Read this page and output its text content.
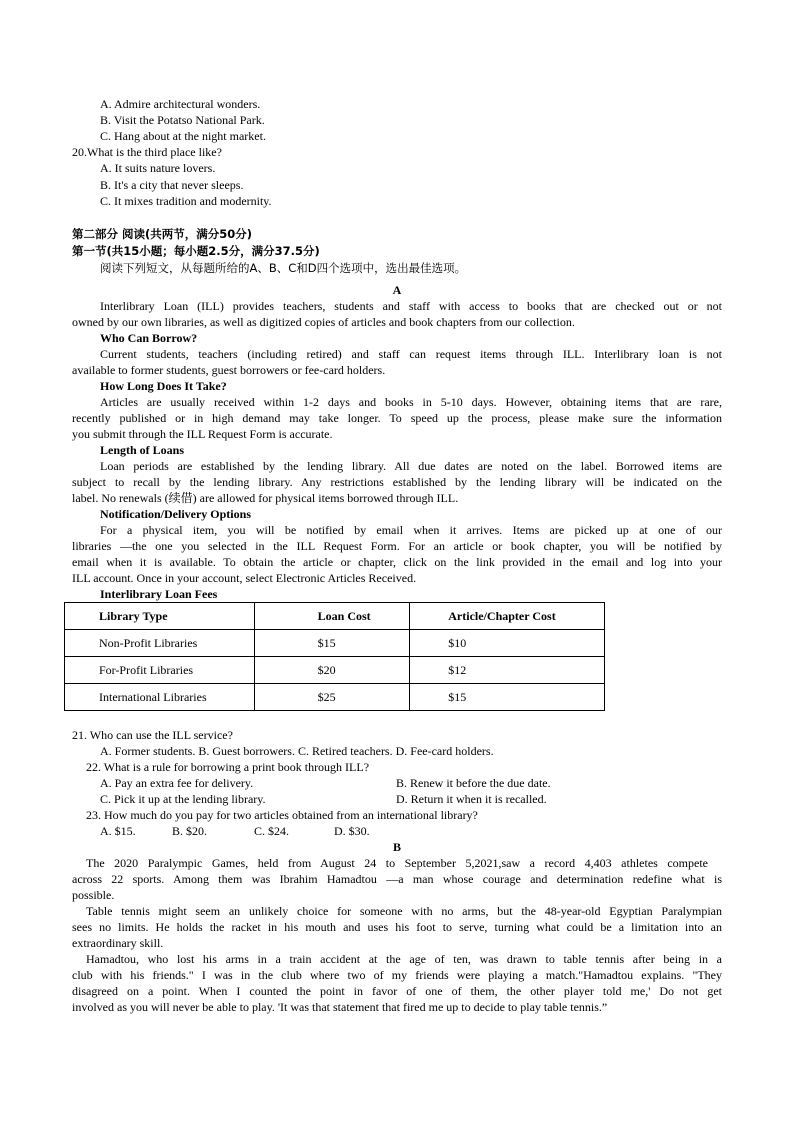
A. Admire architectural wonders.
B. Visit the Potatso National Park.
C. Hang about at the night market.
20.What is the third place like?
A. It suits nature lovers.
B. It's a city that never sleeps.
C. It mixes tradition and modernity.
第二部分 阅读(共两节，满分50分)
第一节(共15小题；每小题2.5分，满分37.5分)
阅读下列短文，从每题所给的A、B、C和D四个选项中，选出最佳选项。
A
Interlibrary Loan (ILL) provides teachers, students and staff with access to books that are checked out or not
owned by our own libraries, as well as digitized copies of articles and book chapters from our collection.
Who Can Borrow?
Current students, teachers (including retired) and staff can request items through ILL. Interlibrary loan is not
available to former students, guest borrowers or fee-card holders.
How Long Does It Take?
Articles are usually received within 1-2 days and books in 5-10 days. However, obtaining items that are rare,
recently published or in high demand may take longer. To speed up the process, please make sure the information
you submit through the ILL Request Form is accurate.
Length of Loans
Loan periods are established by the lending library. All due dates are noted on the label. Borrowed items are
subject to recall by the lending library. Any restrictions established by the lending library will be indicated on the
label. No renewals (续借) are allowed for physical items borrowed through ILL.
Notification/Delivery Options
For a physical item, you will be notified by email when it arrives. Items are picked up at one of our
libraries —the one you selected in the ILL Request Form. For an article or book chapter, you will be notified by
email when it is available. To obtain the article or chapter, click on the link provided in the email and log into your
ILL account. Once in your account, select Electronic Articles Received.
Interlibrary Loan Fees
Library Type	Loan Cost	Article/Chapter Cost
Non-Profit Libraries	$15	$10
For-Profit Libraries	$20	$12
International Libraries	$25	$15
21. Who can use the ILL service?
A. Former students. B. Guest borrowers. C. Retired teachers. D. Fee-card holders.
22. What is a rule for borrowing a print book through ILL?
A. Pay an extra fee for delivery.	B. Renew it before the due date.
C. Pick it up at the lending library.	D. Return it when it is recalled.
23. How much do you pay for two articles obtained from an international library?
A. $15.	B. $20.	C. $24.	D. $30.
B
The 2020 Paralympic Games, held from August 24 to September 5,2021,saw a record 4,403 athletes compete
across 22 sports. Among them was Ibrahim Hamadtou —a man whose courage and determination redefine what is
possible.
Table tennis might seem an unlikely choice for someone with no arms, but the 48-year-old Egyptian Paralympian
sees no limits. He holds the racket in his mouth and uses his foot to serve, turning what could be a limitation into an
extraordinary skill.
Hamadtou, who lost his arms in a train accident at the age of ten, was drawn to table tennis after being in a
club with his friends." I was in the club where two of my friends were playing a match."Hamadtou explains. "They
disagreed on a point. When I counted the point in favor of one of them, the other player told me,' Do not get
involved as you will never be able to play. 'It was that statement that fired me up to decide to play table tennis.”
